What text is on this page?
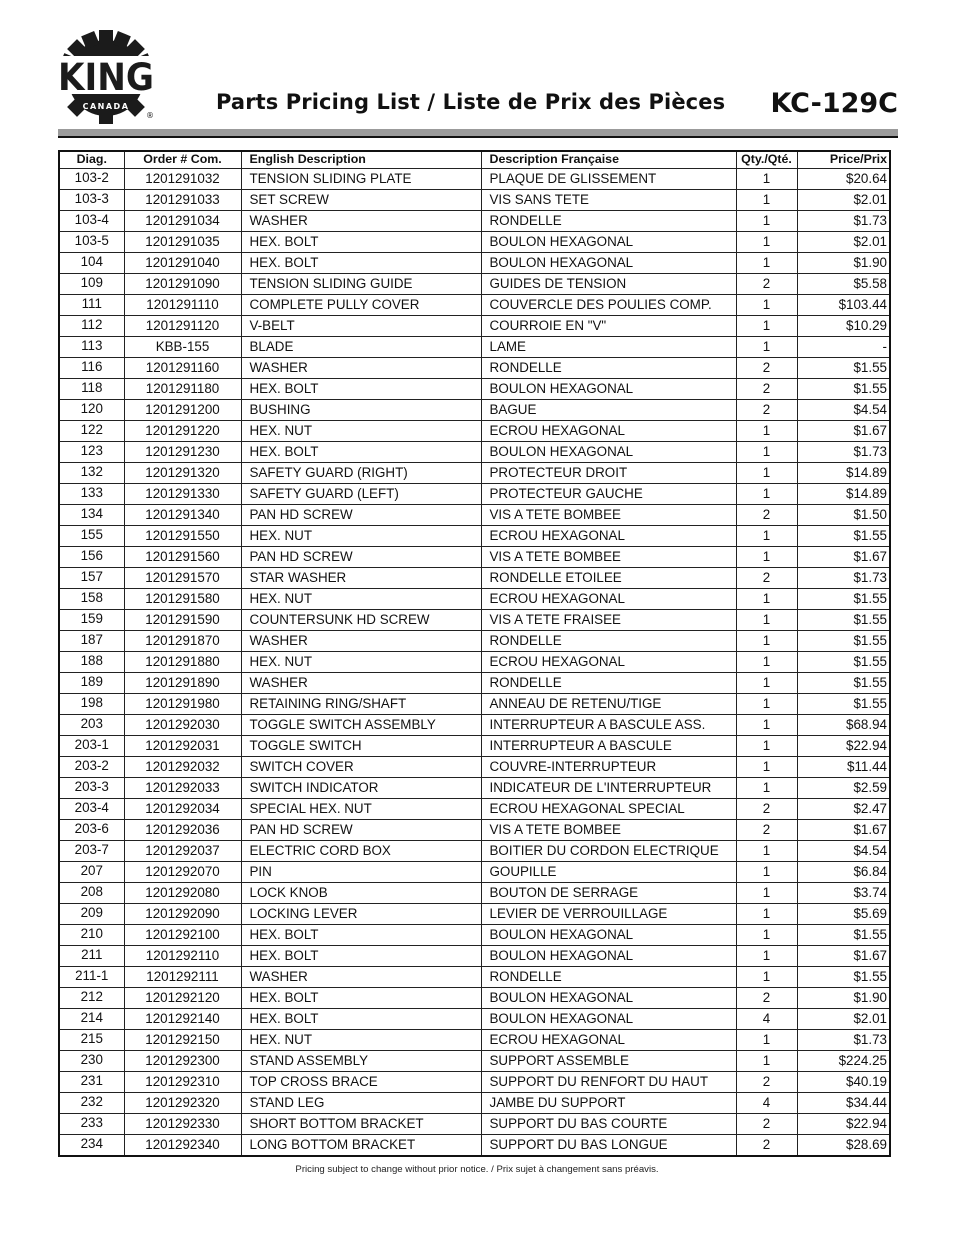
KING
CANADA
®
Parts Pricing List / Liste de Prix des Pièces KC-129C
Diag.	Order # Com.	English Description	Description Française	Qty./Qté.	Price/Prix
103-2	1201291032	TENSION SLIDING PLATE	PLAQUE DE GLISSEMENT	1	$20.64
103-3	1201291033	SET SCREW	VIS SANS TETE	1	$2.01
103-4	1201291034	WASHER	RONDELLE	1	$1.73
103-5	1201291035	HEX. BOLT	BOULON HEXAGONAL	1	$2.01
104	1201291040	HEX. BOLT	BOULON HEXAGONAL	1	$1.90
109	1201291090	TENSION SLIDING GUIDE	GUIDES DE TENSION	2	$5.58
111	1201291110	COMPLETE PULLY COVER	COUVERCLE DES POULIES COMP.	1	$103.44
112	1201291120	V-BELT	COURROIE EN "V"	1	$10.29
113	KBB-155	BLADE	LAME	1	-
116	1201291160	WASHER	RONDELLE	2	$1.55
118	1201291180	HEX. BOLT	BOULON HEXAGONAL	2	$1.55
120	1201291200	BUSHING	BAGUE	2	$4.54
122	1201291220	HEX. NUT	ECROU HEXAGONAL	1	$1.67
123	1201291230	HEX. BOLT	BOULON HEXAGONAL	1	$1.73
132	1201291320	SAFETY GUARD (RIGHT)	PROTECTEUR DROIT	1	$14.89
133	1201291330	SAFETY GUARD (LEFT)	PROTECTEUR GAUCHE	1	$14.89
134	1201291340	PAN HD SCREW	VIS A TETE BOMBEE	2	$1.50
155	1201291550	HEX. NUT	ECROU HEXAGONAL	1	$1.55
156	1201291560	PAN HD SCREW	VIS A TETE BOMBEE	1	$1.67
157	1201291570	STAR WASHER	RONDELLE ETOILEE	2	$1.73
158	1201291580	HEX. NUT	ECROU HEXAGONAL	1	$1.55
159	1201291590	COUNTERSUNK HD SCREW	VIS A TETE FRAISEE	1	$1.55
187	1201291870	WASHER	RONDELLE	1	$1.55
188	1201291880	HEX. NUT	ECROU HEXAGONAL	1	$1.55
189	1201291890	WASHER	RONDELLE	1	$1.55
198	1201291980	RETAINING RING/SHAFT	ANNEAU DE RETENU/TIGE	1	$1.55
203	1201292030	TOGGLE SWITCH ASSEMBLY	INTERRUPTEUR A BASCULE ASS.	1	$68.94
203-1	1201292031	TOGGLE SWITCH	INTERRUPTEUR A BASCULE	1	$22.94
203-2	1201292032	SWITCH COVER	COUVRE-INTERRUPTEUR	1	$11.44
203-3	1201292033	SWITCH INDICATOR	INDICATEUR DE L'INTERRUPTEUR	1	$2.59
203-4	1201292034	SPECIAL HEX. NUT	ECROU HEXAGONAL SPECIAL	2	$2.47
203-6	1201292036	PAN HD SCREW	VIS A TETE BOMBEE	2	$1.67
203-7	1201292037	ELECTRIC CORD BOX	BOITIER DU CORDON ELECTRIQUE	1	$4.54
207	1201292070	PIN	GOUPILLE	1	$6.84
208	1201292080	LOCK KNOB	BOUTON DE SERRAGE	1	$3.74
209	1201292090	LOCKING LEVER	LEVIER DE VERROUILLAGE	1	$5.69
210	1201292100	HEX. BOLT	BOULON HEXAGONAL	1	$1.55
211	1201292110	HEX. BOLT	BOULON HEXAGONAL	1	$1.67
211-1	1201292111	WASHER	RONDELLE	1	$1.55
212	1201292120	HEX. BOLT	BOULON HEXAGONAL	2	$1.90
214	1201292140	HEX. BOLT	BOULON HEXAGONAL	4	$2.01
215	1201292150	HEX. NUT	ECROU HEXAGONAL	1	$1.73
230	1201292300	STAND ASSEMBLY	SUPPORT ASSEMBLE	1	$224.25
231	1201292310	TOP CROSS BRACE	SUPPORT DU RENFORT DU HAUT	2	$40.19
232	1201292320	STAND LEG	JAMBE DU SUPPORT	4	$34.44
233	1201292330	SHORT BOTTOM BRACKET	SUPPORT DU BAS COURTE	2	$22.94
234	1201292340	LONG BOTTOM BRACKET	SUPPORT DU BAS LONGUE	2	$28.69
Pricing subject to change without prior notice. / Prix sujet à changement sans préavis.
